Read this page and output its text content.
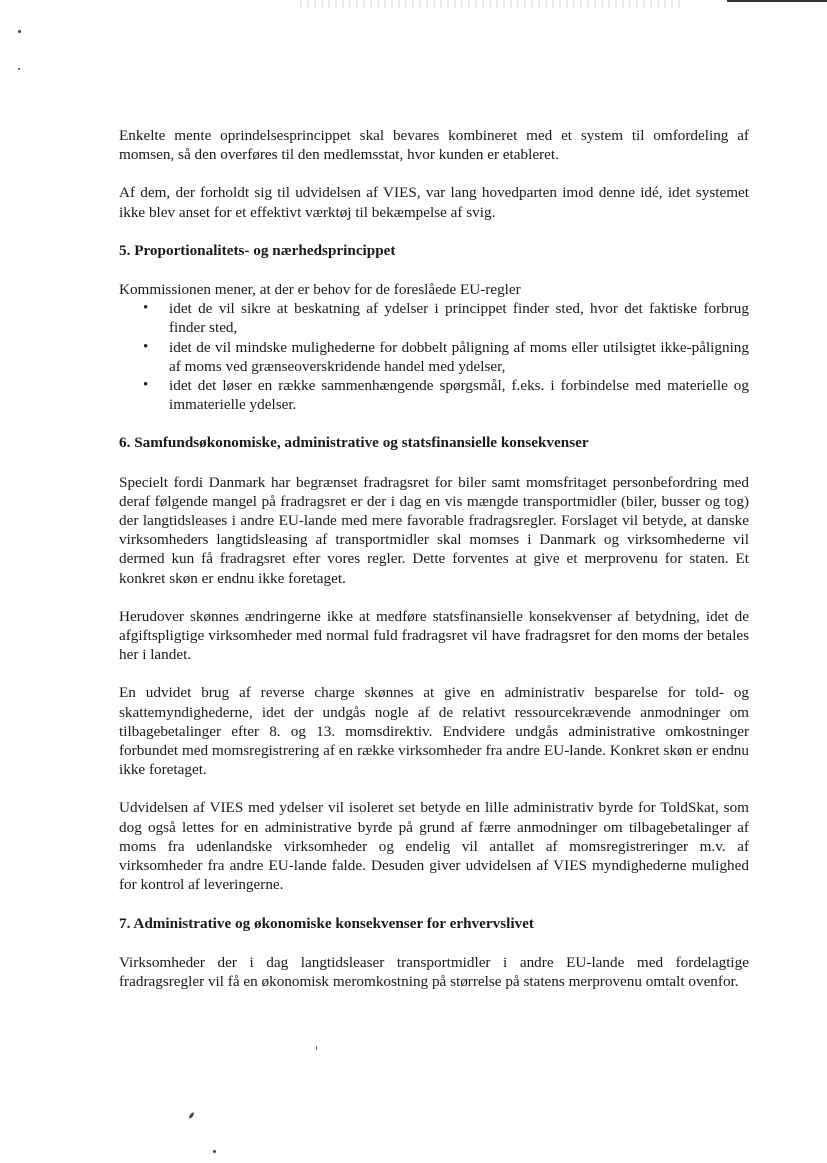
Enkelte mente oprindelsesprincippet skal bevares kombineret med et system til omfordeling af momsen, så den overføres til den medlemsstat, hvor kunden er etableret.

Af dem, der forholdt sig til udvidelsen af VIES, var lang hovedparten imod denne idé, idet systemet ikke blev anset for et effektivt værktøj til bekæmpelse af svig.

5. Proportionalitets- og nærhedsprincippet

Kommissionen mener, at der er behov for de foreslåede EU-regler

• idet de vil sikre at beskatning af ydelser i princippet finder sted, hvor det faktiske forbrug finder sted,
• idet de vil mindske mulighederne for dobbelt påligning af moms eller utilsigtet ikke-påligning af moms ved grænseoverskridende handel med ydelser,
• idet det løser en række sammenhængende spørgsmål, f.eks. i forbindelse med materielle og immaterielle ydelser.
6. Samfundsøkonomiske, administrative og statsfinansielle konsekvenser

Specielt fordi Danmark har begrænset fradragsret for biler samt momsfritaget personbefordring med deraf følgende mangel på fradragsret er der i dag en vis mængde transportmidler (biler, busser og tog) der langtidsleases i andre EU-lande med mere favorable fradragsregler. Forslaget vil betyde, at danske virksomheders langtidsleasing af transportmidler skal momses i Danmark og virksomhederne vil dermed kun få fradragsret efter vores regler. Dette forventes at give et merprovenu for staten. Et konkret skøn er endnu ikke foretaget.

Herudover skønnes ændringerne ikke at medføre statsfinansielle konsekvenser af betydning, idet de afgiftspligtige virksomheder med normal fuld fradragsret vil have fradragsret for den moms der betales her i landet.

En udvidet brug af reverse charge skønnes at give en administrativ besparelse for told- og skattemyndighederne, idet der undgås nogle af de relativt ressourcekrævende anmodninger om tilbagebetalinger efter 8. og 13. momsdirektiv. Endvidere undgås administrative omkostninger forbundet med momsregistrering af en række virksomheder fra andre EU-lande. Konkret skøn er endnu ikke foretaget.

Udvidelsen af VIES med ydelser vil isoleret set betyde en lille administrativ byrde for ToldSkat, som dog også lettes for en administrative byrde på grund af færre anmodninger om tilbagebetalinger af moms fra udenlandske virksomheder og endelig vil antallet af momsregistreringer m.v. af virksomheder fra andre EU-lande falde. Desuden giver udvidelsen af VIES myndighederne mulighed for kontrol af leveringerne.

7. Administrative og økonomiske konsekvenser for erhvervslivet

Virksomheder der i dag langtidsleaser transportmidler i andre EU-lande med fordelagtige fradragsregler vil få en økonomisk meromkostning på størrelse på statens merprovenu omtalt ovenfor.
